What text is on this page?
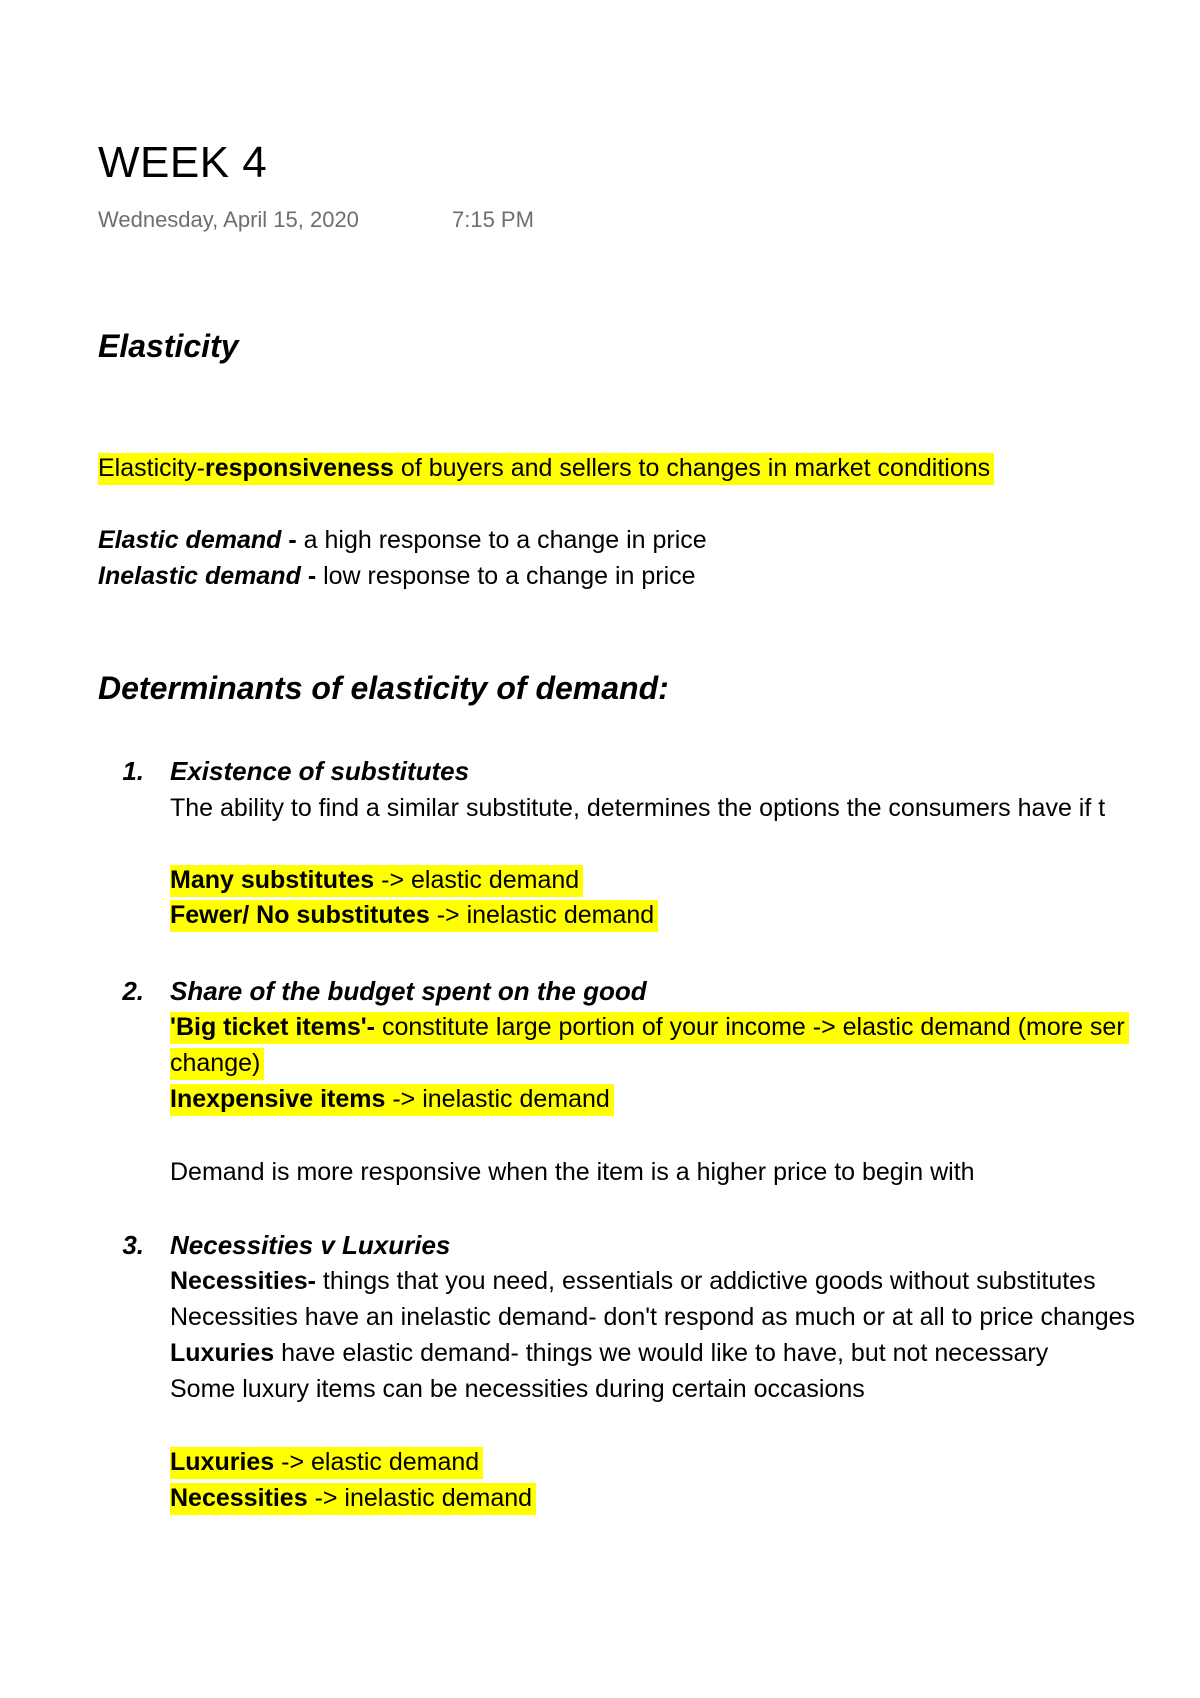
WEEK 4
Wednesday, April 15, 2020	7:15 PM
Elasticity
Elasticity-responsiveness of buyers and sellers to changes in market conditions
Elastic demand - a high response to a change in price
Inelastic demand - low response to a change in price
Determinants of elasticity of demand:
1. Existence of substitutes
The ability to find a similar substitute, determines the options the consumers have if t
Many substitutes -> elastic demand
Fewer/ No substitutes -> inelastic demand
2. Share of the budget spent on the good
'Big ticket items'- constitute large portion of your income -> elastic demand (more ser
change)
Inexpensive items -> inelastic demand
Demand is more responsive when the item is a higher price to begin with
3. Necessities v Luxuries
Necessities- things that you need, essentials or addictive goods without substitutes
Necessities have an inelastic demand- don't respond as much or at all to price changes
Luxuries have elastic demand- things we would like to have, but not necessary
Some luxury items can be necessities during certain occasions
Luxuries -> elastic demand
Necessities -> inelastic demand
